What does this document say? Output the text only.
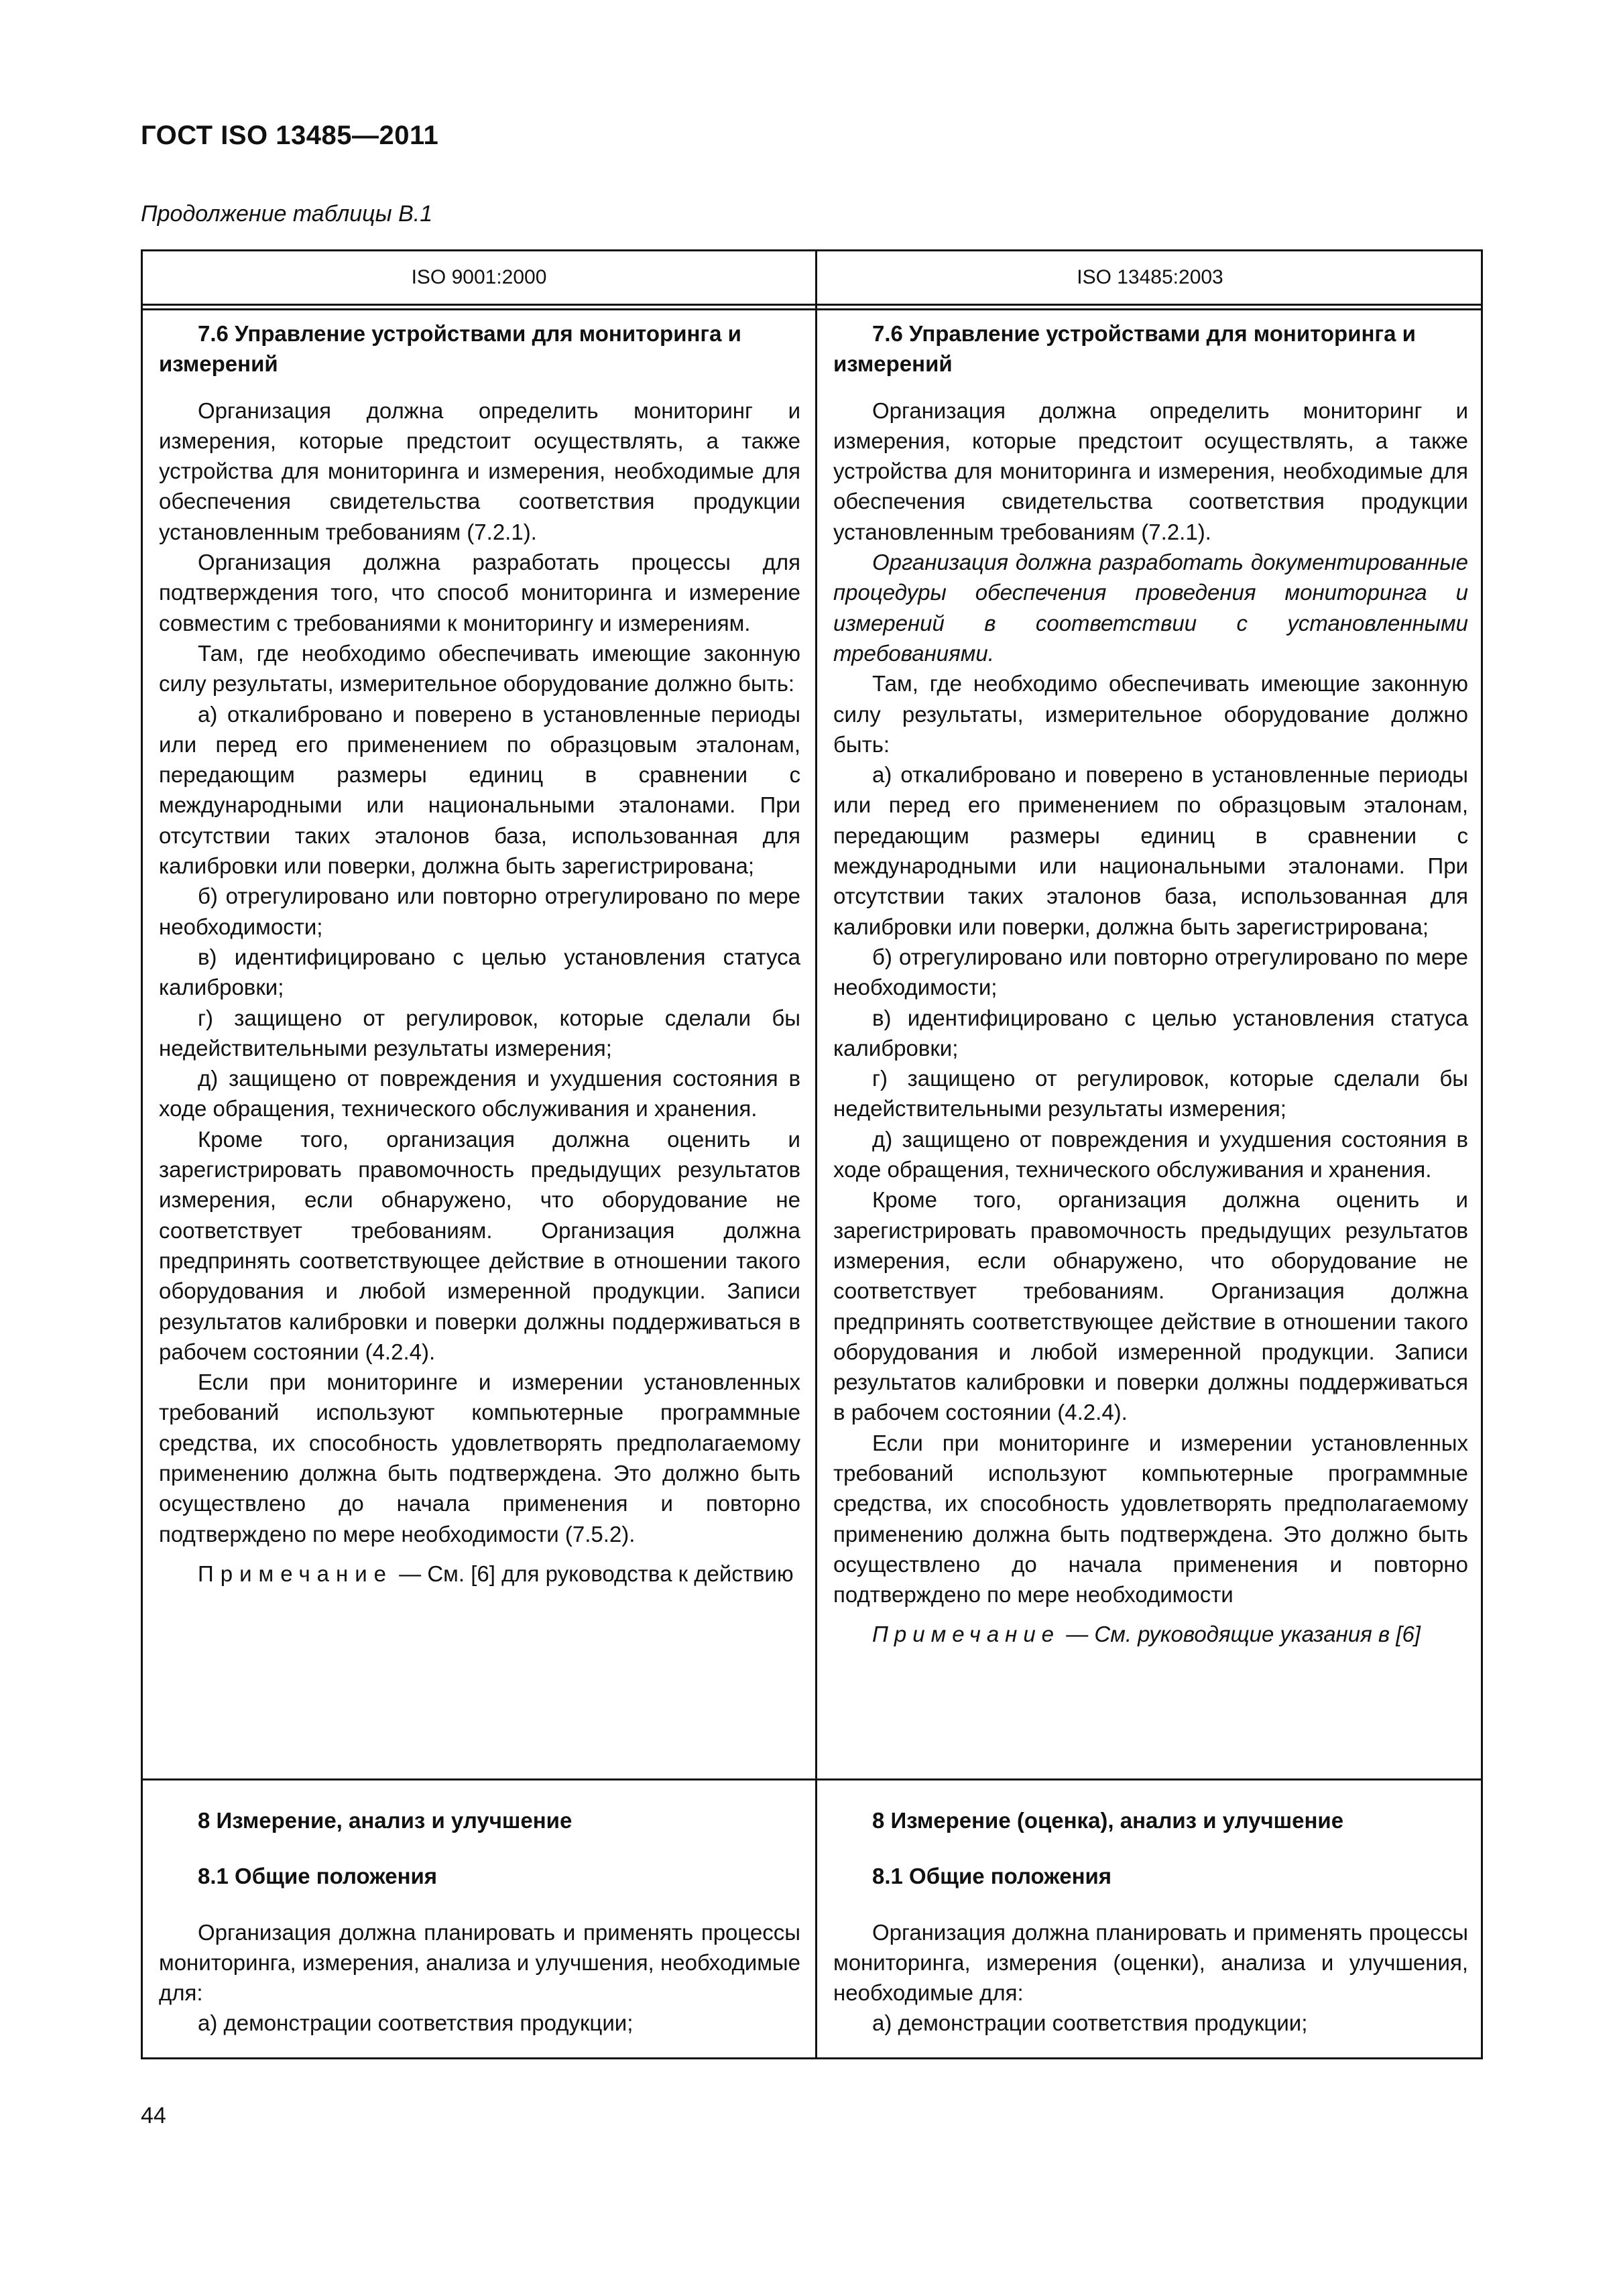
ГОСТ ISO 13485—2011
Продолжение таблицы В.1
ISO 9001:2000	ISO 13485:2003

7.6 Управление устройствами для мониторинга и измерений

Организация должна определить мониторинг и измерения, которые предстоит осуществлять, а также устройства для мониторинга и измерения, необходимые для обеспечения свидетельства соответствия продукции установленным требованиям (7.2.1).

Организация должна разработать процессы для подтверждения того, что способ мониторинга и измерение совместим с требованиями к мониторингу и измерениям.

Там, где необходимо обеспечивать имеющие законную силу результаты, измерительное оборудование должно быть:

а) откалибровано и поверено в установленные периоды или перед его применением по образцовым эталонам, передающим размеры единиц в сравнении с международными или национальными эталонами. При отсутствии таких эталонов база, использованная для калибровки или поверки, должна быть зарегистрирована;

б) отрегулировано или повторно отрегулировано по мере необходимости;

в) идентифицировано с целью установления статуса калибровки;

г) защищено от регулировок, которые сделали бы недействительными результаты измерения;

д) защищено от повреждения и ухудшения состояния в ходе обращения, технического обслуживания и хранения.

Кроме того, организация должна оценить и зарегистрировать правомочность предыдущих результатов измерения, если обнаружено, что оборудование не соответствует требованиям. Организация должна предпринять соответствующее действие в отношении такого оборудования и любой измеренной продукции. Записи результатов калибровки и поверки должны поддерживаться в рабочем состоянии (4.2.4).

Если при мониторинге и измерении установленных требований используют компьютерные программные средства, их способность удовлетворять предполагаемому применению должна быть подтверждена. Это должно быть осуществлено до начала применения и повторно подтверждено по мере необходимости (7.5.2).

Примечание — См. [6] для руководства к действию

7.6 Управление устройствами для мониторинга и измерений

Организация должна определить мониторинг и измерения, которые предстоит осуществлять, а также устройства для мониторинга и измерения, необходимые для обеспечения свидетельства соответствия продукции установленным требованиям (7.2.1).

Организация должна разработать документированные процедуры обеспечения проведения мониторинга и измерений в соответствии с установленными требованиями.

Там, где необходимо обеспечивать имеющие законную силу результаты, измерительное оборудование должно быть:

а) откалибровано и поверено в установленные периоды или перед его применением по образцовым эталонам, передающим размеры единиц в сравнении с международными или национальными эталонами. При отсутствии таких эталонов база, использованная для калибровки или поверки, должна быть зарегистрирована;

б) отрегулировано или повторно отрегулировано по мере необходимости;

в) идентифицировано с целью установления статуса калибровки;

г) защищено от регулировок, которые сделали бы недействительными результаты измерения;

д) защищено от повреждения и ухудшения состояния в ходе обращения, технического обслуживания и хранения.

Кроме того, организация должна оценить и зарегистрировать правомочность предыдущих результатов измерения, если обнаружено, что оборудование не соответствует требованиям. Организация должна предпринять соответствующее действие в отношении такого оборудования и любой измеренной продукции. Записи результатов калибровки и поверки должны поддерживаться в рабочем состоянии (4.2.4).

Если при мониторинге и измерении установленных требований используют компьютерные программные средства, их способность удовлетворять предполагаемому применению должна быть подтверждена. Это должно быть осуществлено до начала применения и повторно подтверждено по мере необходимости

Примечание — См. руководящие указания в [6]

8 Измерение, анализ и улучшение

8.1 Общие положения

Организация должна планировать и применять процессы мониторинга, измерения, анализа и улучшения, необходимые для:

а) демонстрации соответствия продукции;

8 Измерение (оценка), анализ и улучшение

8.1 Общие положения

Организация должна планировать и применять процессы мониторинга, измерения (оценки), анализа и улучшения, необходимые для:

а) демонстрации соответствия продукции;

44
